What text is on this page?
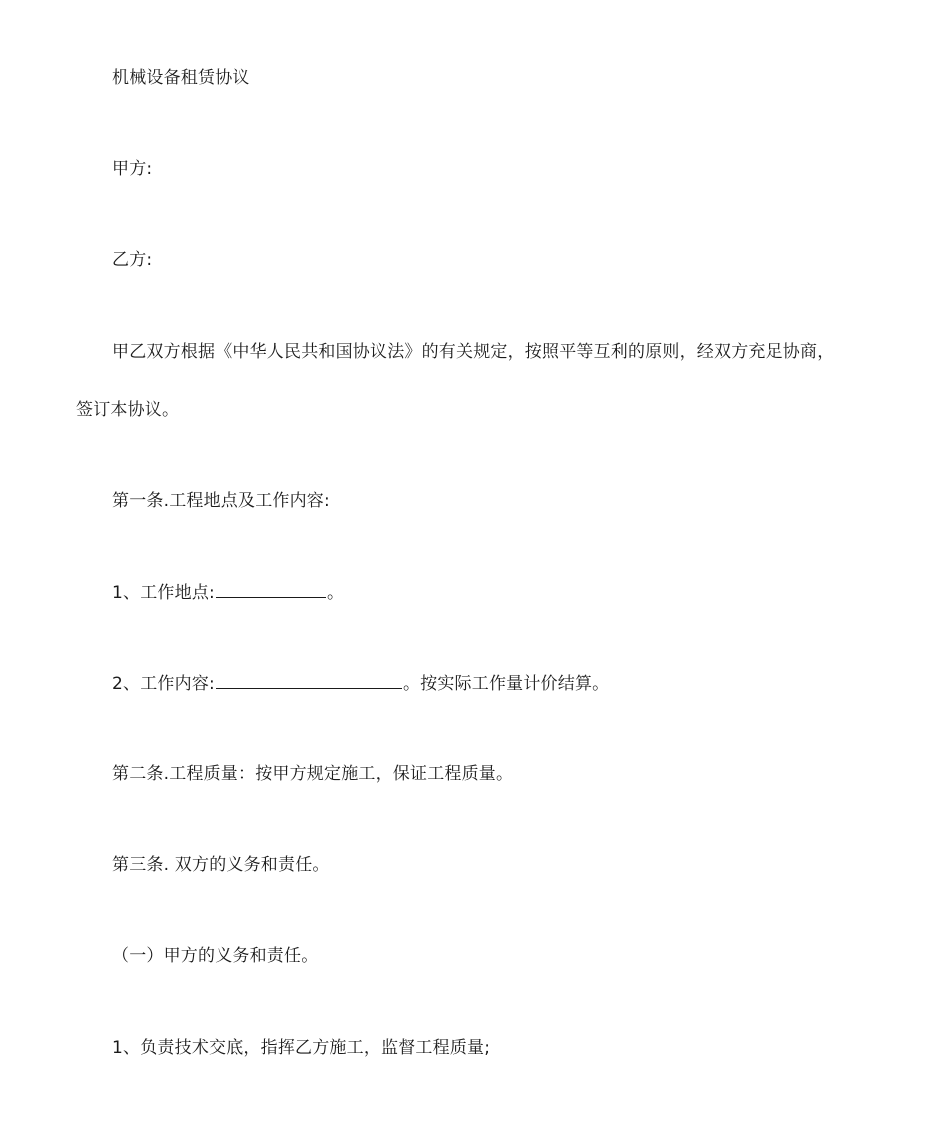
机械设备租赁协议
甲方:
乙方:
甲乙双方根据《中华人民共和国协议法》的有关规定，按照平等互利的原则，经双方充足协商，
签订本协议。
第一条.工程地点及工作内容:
1、工作地点:	。
2、工作内容:	。按实际工作量计价结算。
第二条.工程质量：按甲方规定施工，保证工程质量。
第三条. 双方的义务和责任。
（一）甲方的义务和责任。
1、负责技术交底，指挥乙方施工，监督工程质量;
